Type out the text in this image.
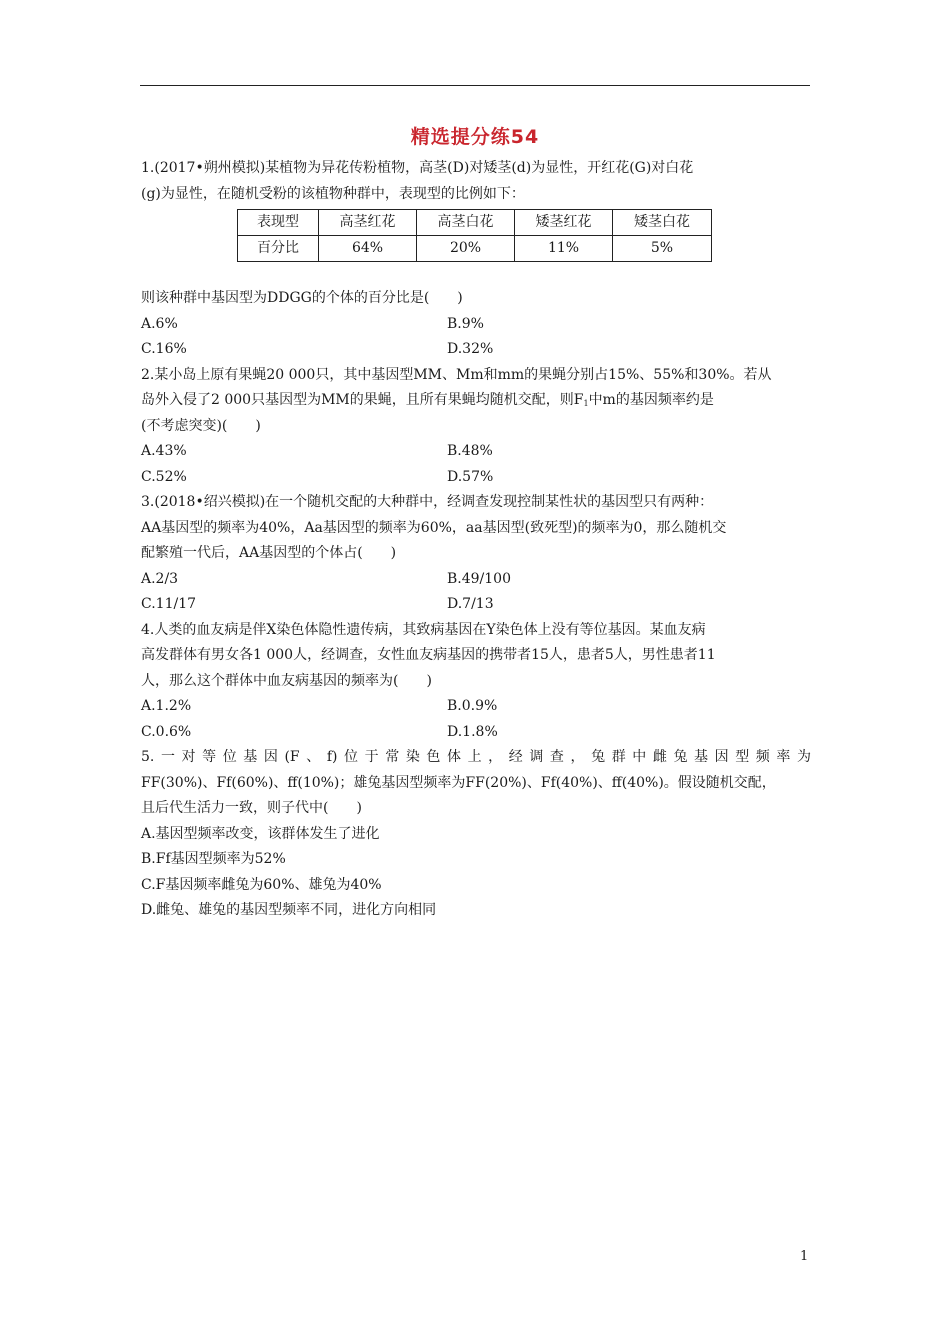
精选提分练54
1.(2017•朔州模拟)某植物为异花传粉植物，高茎(D)对矮茎(d)为显性，开红花(G)对白花
(g)为显性，在随机受粉的该植物种群中，表现型的比例如下：
表现型	高茎红花	高茎白花	矮茎红花	矮茎白花
百分比	64%	20%	11%	5%
则该种群中基因型为DDGG的个体的百分比是(　　)
A.6%	B.9%
C.16%	D.32%
2.某小岛上原有果蝇20 000只，其中基因型MM、Mm和mm的果蝇分别占15%、55%和30%。若从
岛外入侵了2 000只基因型为MM的果蝇，且所有果蝇均随机交配，则$F_1$中m的基因频率约是
(不考虑突变)(　　)
A.43%	B.48%
C.52%	D.57%
3.(2018•绍兴模拟)在一个随机交配的大种群中，经调查发现控制某性状的基因型只有两种：
AA基因型的频率为40%，Aa基因型的频率为60%，aa基因型(致死型)的频率为0，那么随机交
配繁殖一代后，AA基因型的个体占(　　)
A.2/3	B.49/100
C.11/17	D.7/13
4.人类的血友病是伴X染色体隐性遗传病，其致病基因在Y染色体上没有等位基因。某血友病
高发群体有男女各1 000人，经调查，女性血友病基因的携带者15人，患者5人，男性患者11
人，那么这个群体中血友病基因的频率为(　　)
A.1.2%	B.0.9%
C.0.6%	D.1.8%
5.一对等位基因(F、f)位于常染色体上，经调查，兔群中雌兔基因型频率为
FF(30%)、Ff(60%)、ff(10%)；雄兔基因型频率为FF(20%)、Ff(40%)、ff(40%)。假设随机交配，
且后代生活力一致，则子代中(　　)
A.基因型频率改变，该群体发生了进化
B.Ff基因型频率为52%
C.F基因频率雌兔为60%、雄兔为40%
D.雌兔、雄兔的基因型频率不同，进化方向相同
1
